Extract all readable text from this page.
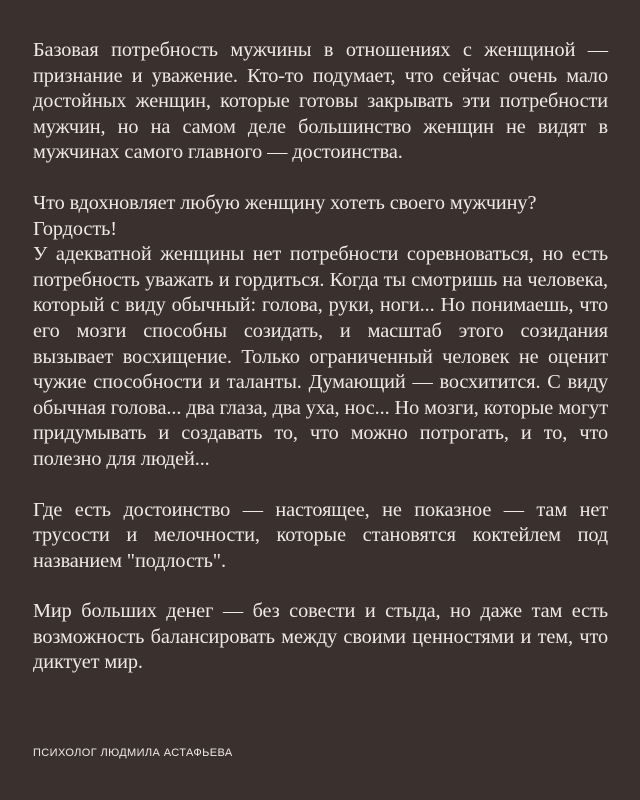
Базовая потребность мужчины в отношениях с женщиной — признание и уважение. Кто-то подумает, что сейчас очень мало достойных женщин, которые готовы закрывать эти потребности мужчин, но на самом деле большинство женщин не видят в мужчинах самого главного — достоинства.

Что вдохновляет любую женщину хотеть своего мужчину?
Гордость!

У адекватной женщины нет потребности соревноваться, но есть потребность уважать и гордиться. Когда ты смотришь на человека, который с виду обычный: голова, руки, ноги... Но понимаешь, что его мозги способны созидать, и масштаб этого созидания вызывает восхищение. Только ограниченный человек не оценит чужие способности и таланты. Думающий — восхитится. С виду обычная голова... два глаза, два уха, нос... Но мозги, которые могут придумывать и создавать то, что можно потрогать, и то, что полезно для людей...

Где есть достоинство — настоящее, не показное — там нет трусости и мелочности, которые становятся коктейлем под названием "подлость".

Мир больших денег — без совести и стыда, но даже там есть возможность балансировать между своими ценностями и тем, что диктует мир.

ПСИХОЛОГ ЛЮДМИЛА АСТАФЬЕВА
